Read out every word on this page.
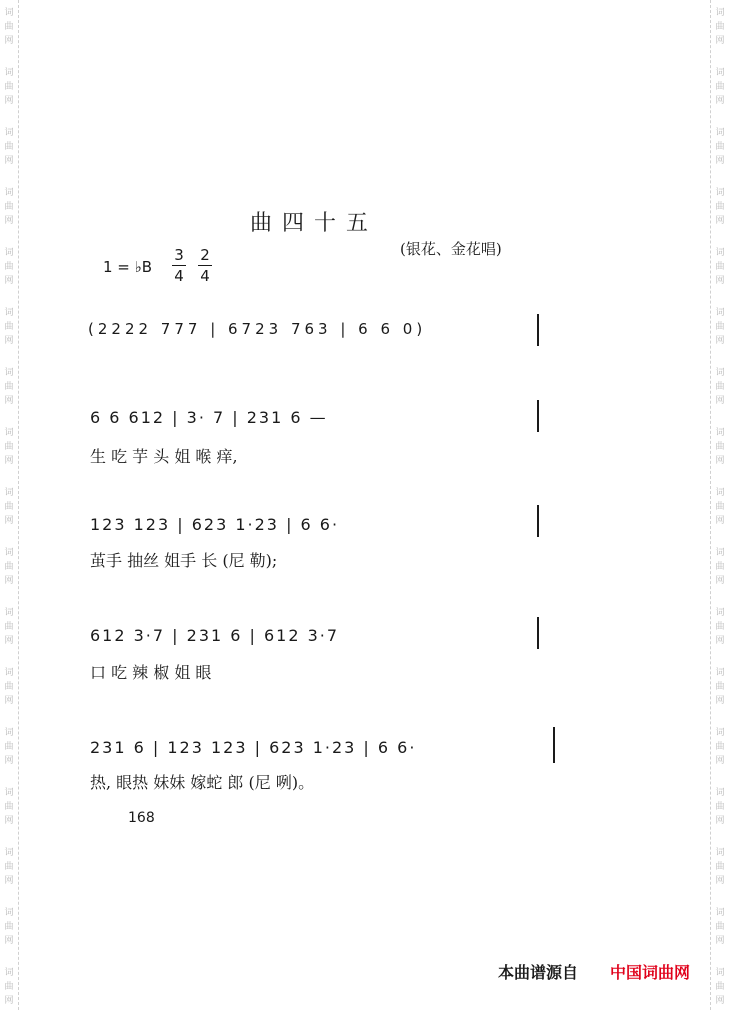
词曲网
词曲网
词曲网
词曲网
词曲网
词曲网
词曲网
词曲网
词曲网
词曲网
词曲网
词曲网
词曲网
词曲网
词曲网
词曲网
词曲网
词曲网
词曲网
词曲网
词曲网
词曲网
词曲网
词曲网
词曲网
词曲网
词曲网
词曲网
词曲网
词曲网
词曲网
词曲网
词曲网
词曲网
曲四十五
(银花、金花唱)
1 = ♭B
3
4
2
4
(2222 777 | 6723 763 | 6 6 0)
6 6 612 | 3· 7 | 231 6 —
生 吃 芋 头 姐 喉 痒,
123 123 | 623 1·23 | 6 6·
茧手 抽丝 姐手 长 (尼 勒);
612 3·7 | 231 6 | 612 3·7
口 吃 辣 椒 姐 眼
231 6 | 123 123 | 623 1·23 | 6 6·
热, 眼热 妹妹 嫁蛇 郎 (尼 咧)。
168
本曲谱源自 中国词曲网
